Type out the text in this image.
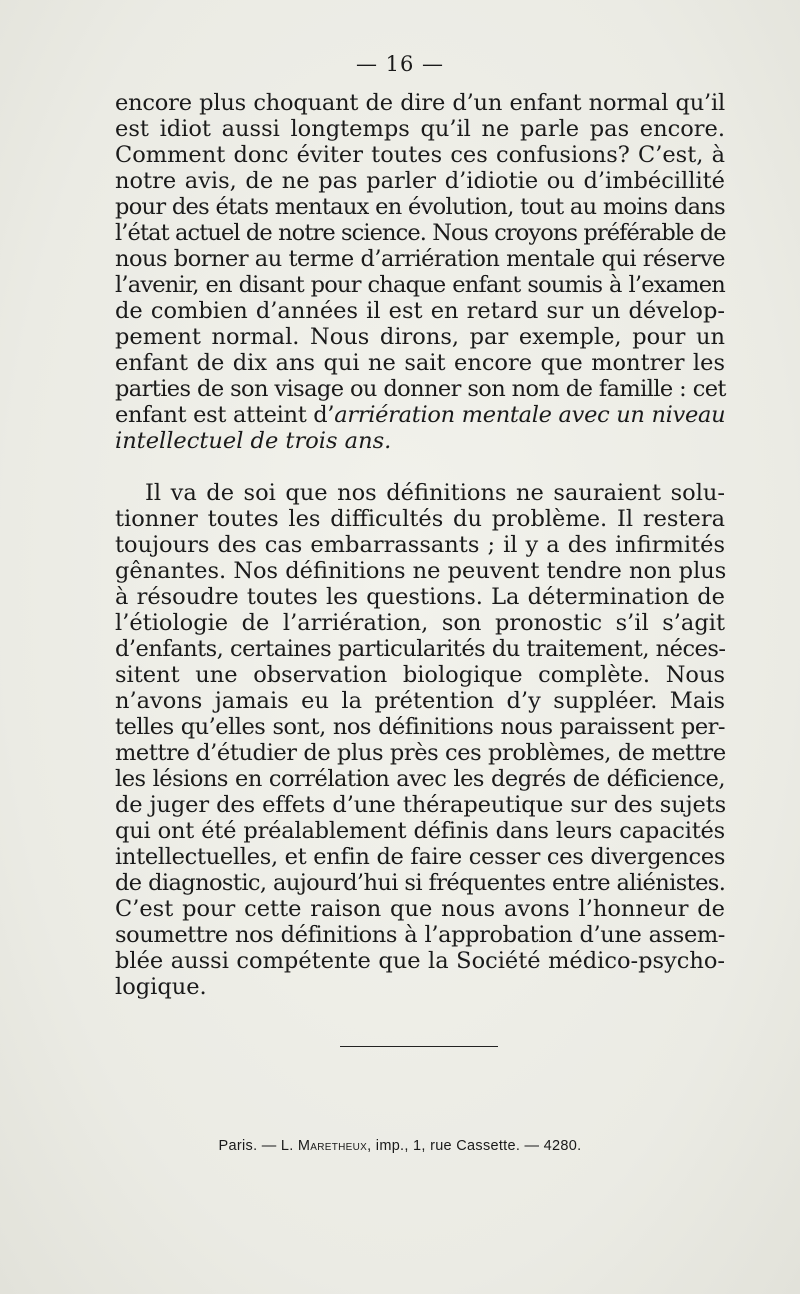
— 16 —
encore plus choquant de dire d’un enfant normal qu’il
est idiot aussi longtemps qu’il ne parle pas encore.
Comment donc éviter toutes ces confusions? C’est, à
notre avis, de ne pas parler d’idiotie ou d’imbécillité
pour des états mentaux en évolution, tout au moins dans
l’état actuel de notre science. Nous croyons préférable de
nous borner au terme d’arriération mentale qui réserve
l’avenir, en disant pour chaque enfant soumis à l’examen
de combien d’années il est en retard sur un dévelop-
pement normal. Nous dirons, par exemple, pour un
enfant de dix ans qui ne sait encore que montrer les
parties de son visage ou donner son nom de famille : cet
enfant est atteint d’arriération mentale avec un niveau
intellectuel de trois ans.
Il va de soi que nos définitions ne sauraient solu-
tionner toutes les difficultés du problème. Il restera
toujours des cas embarrassants ; il y a des infirmités
gênantes. Nos définitions ne peuvent tendre non plus
à résoudre toutes les questions. La détermination de
l’étiologie de l’arriération, son pronostic s’il s’agit
d’enfants, certaines particularités du traitement, néces-
sitent une observation biologique complète. Nous
n’avons jamais eu la prétention d’y suppléer. Mais
telles qu’elles sont, nos définitions nous paraissent per-
mettre d’étudier de plus près ces problèmes, de mettre
les lésions en corrélation avec les degrés de déficience,
de juger des effets d’une thérapeutique sur des sujets
qui ont été préalablement définis dans leurs capacités
intellectuelles, et enfin de faire cesser ces divergences
de diagnostic, aujourd’hui si fréquentes entre aliénistes.
C’est pour cette raison que nous avons l’honneur de
soumettre nos définitions à l’approbation d’une assem-
blée aussi compétente que la Société médico-psycho-
logique.
Paris. — L. Maretheux, imp., 1, rue Cassette. — 4280.
